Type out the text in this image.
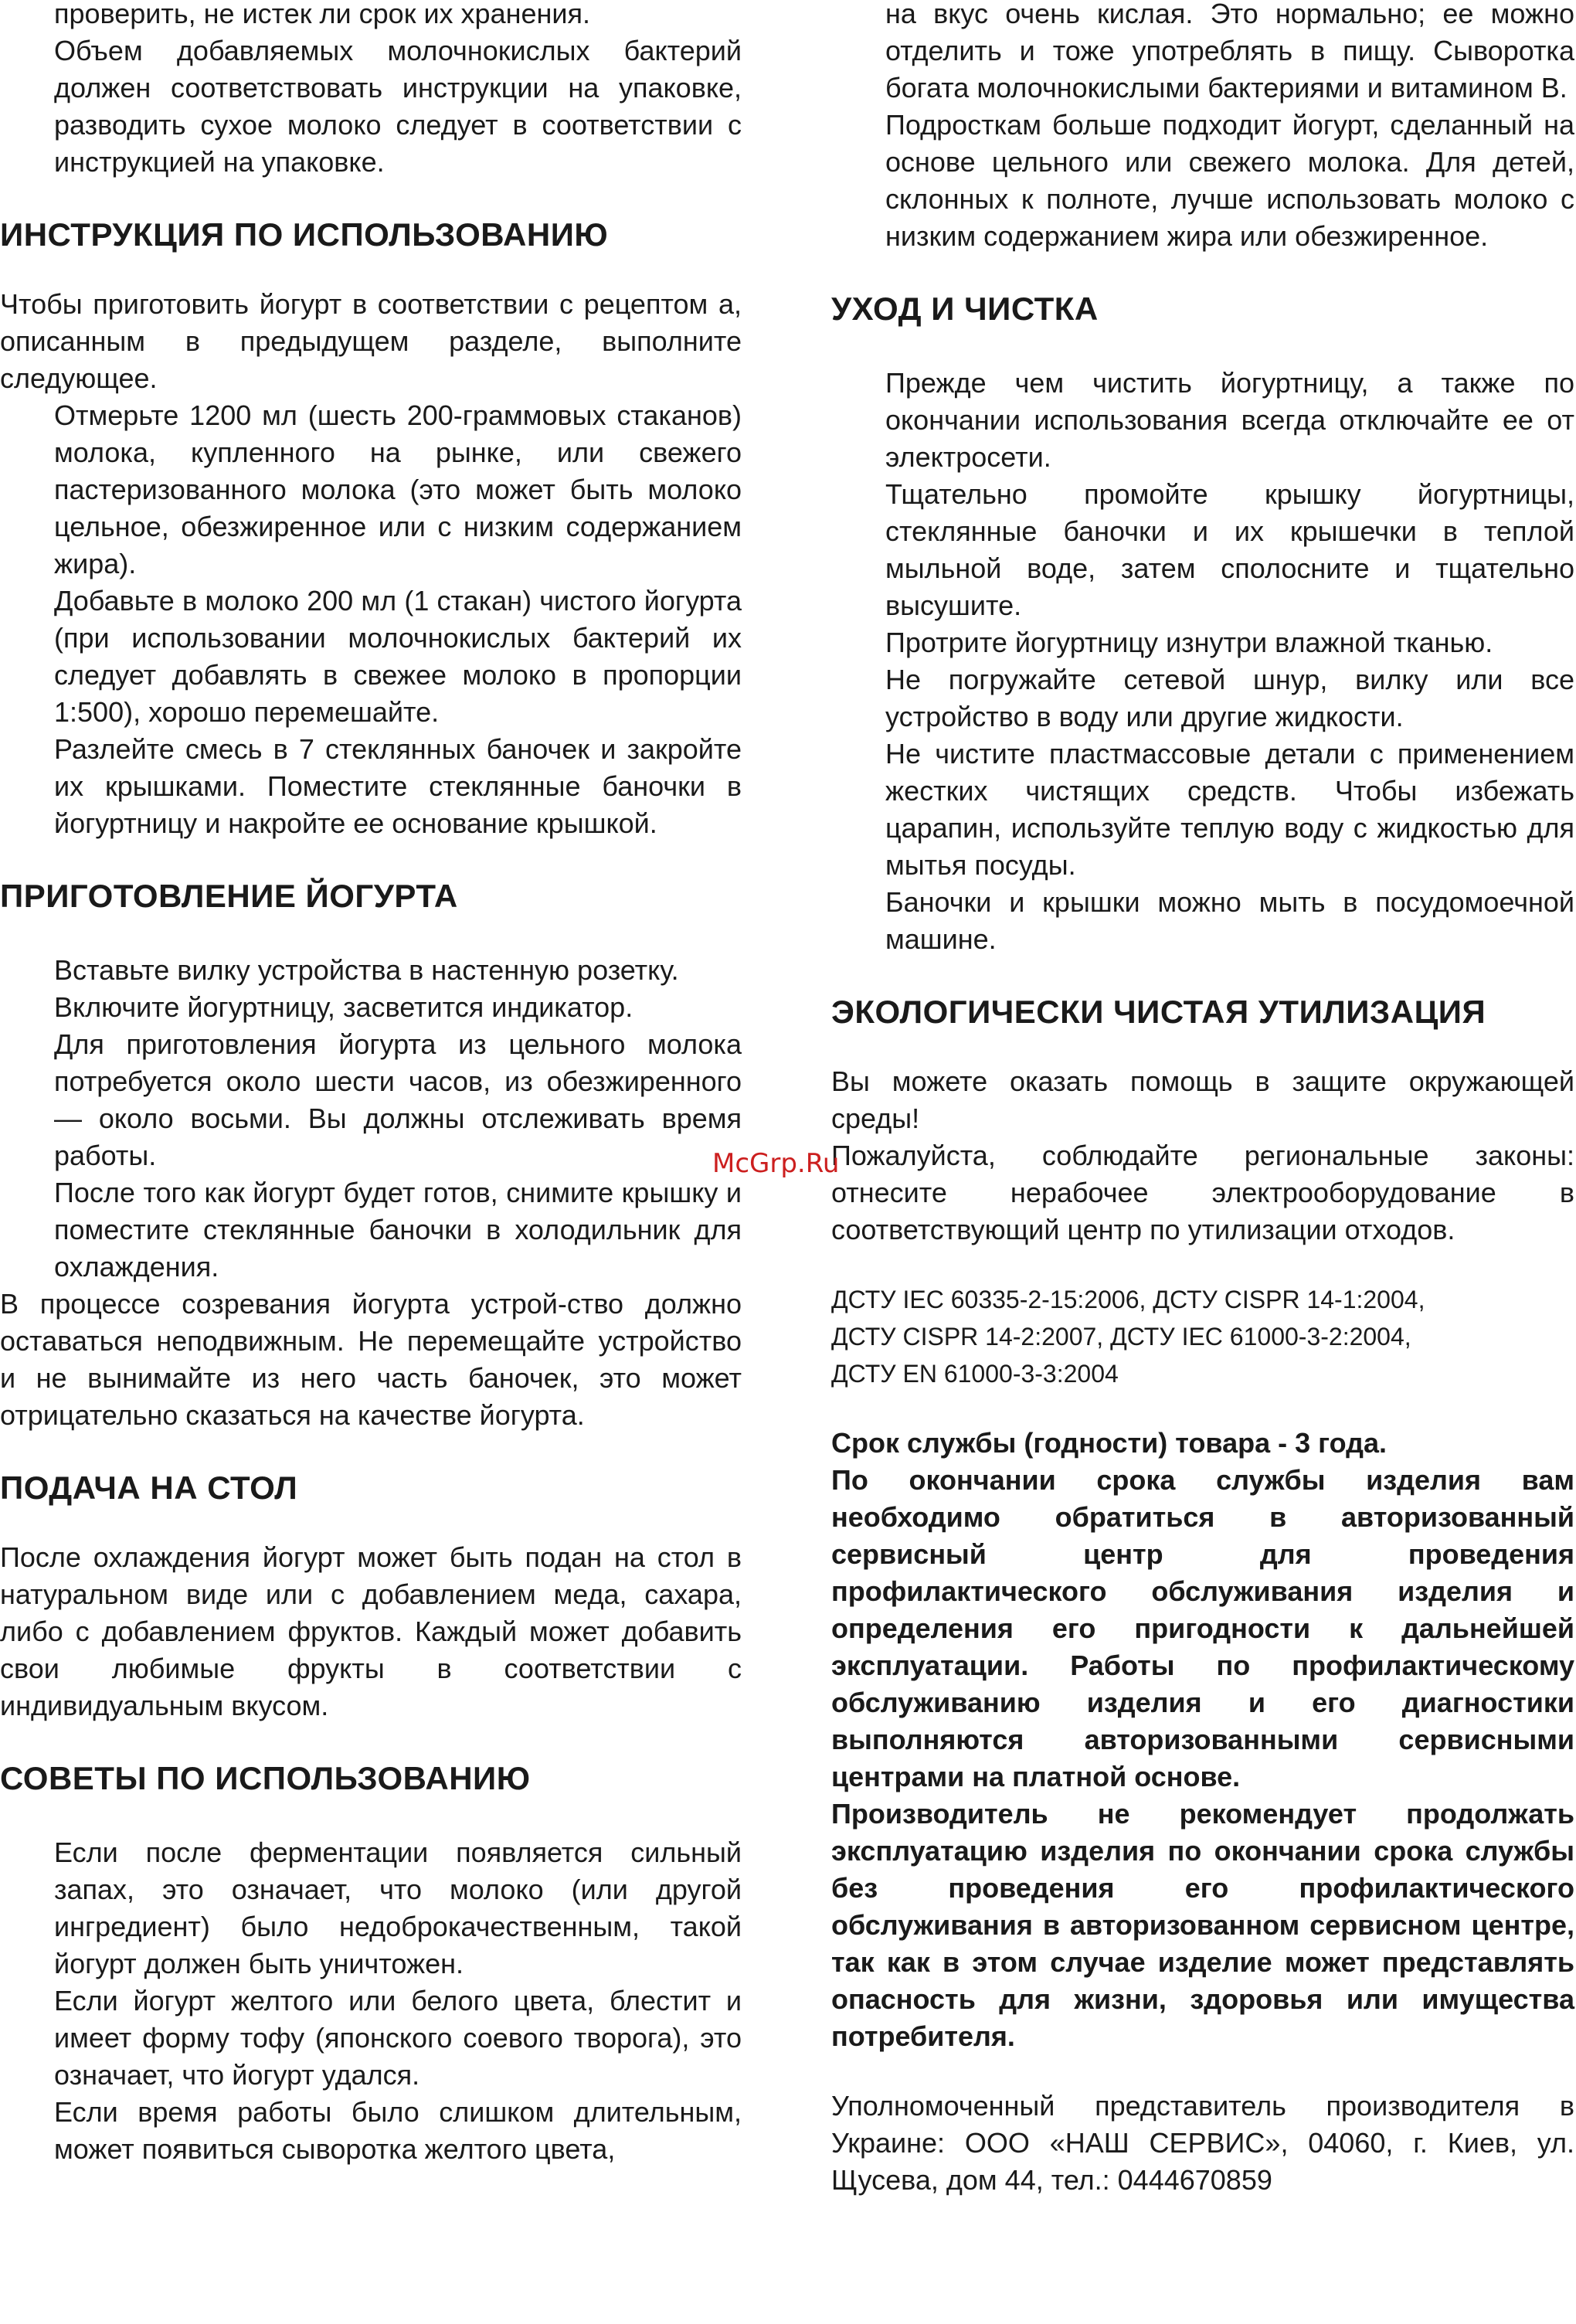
проверить, не истек ли срок их хранения.

Объем добавляемых молочнокислых бактерий должен соответствовать инструкции на упаковке, разводить сухое молоко следует в соответствии с инструкцией на упаковке.

ИНСТРУКЦИЯ ПО ИСПОЛЬЗОВАНИЮ

Чтобы приготовить йогурт в соответствии с рецептом а, описанным в предыдущем разделе, выполните следующее.

Отмерьте 1200 мл (шесть 200-граммовых стаканов) молока, купленного на рынке, или свежего пастеризованного молока (это может быть молоко цельное, обезжиренное или с низким содержанием жира).

Добавьте в молоко 200 мл (1 стакан) чистого йогурта (при использовании молочнокислых бактерий их следует добавлять в свежее молоко в пропорции 1:500), хорошо перемешайте.

Разлейте смесь в 7 стеклянных баночек и закройте их крышками. Поместите стеклянные баночки в йогуртницу и накройте ее основание крышкой.

ПРИГОТОВЛЕНИЕ ЙОГУРТА

Вставьте вилку устройства в настенную розетку.

Включите йогуртницу, засветится индикатор.

Для приготовления йогурта из цельного молока потребуется около шести часов, из обезжиренного — около восьми. Вы должны отслеживать время работы.

После того как йогурт будет готов, снимите крышку и поместите стеклянные баночки в холодильник для охлаждения.

В процессе созревания йогурта устрой-ство должно оставаться неподвижным. Не перемещайте устройство и не вынимайте из него часть баночек, это может отрицательно сказаться на качестве йогурта.

ПОДАЧА НА СТОЛ

После охлаждения йогурт может быть подан на стол в натуральном виде или с добавлением меда, сахара, либо с добавлением фруктов. Каждый может добавить свои любимые фрукты в соответствии с индивидуальным вкусом.

СОВЕТЫ ПО ИСПОЛЬЗОВАНИЮ

Если после ферментации появляется сильный запах, это означает, что молоко (или другой ингредиент) было недоброкачественным, такой йогурт должен быть уничтожен.

Если йогурт желтого или белого цвета, блестит и имеет форму тофу (японского соевого творога), это означает, что йогурт удался.

Если время работы было слишком длительным, может появиться сыворотка желтого цвета,

на вкус очень кислая. Это нормально; ее можно отделить и тоже употреблять в пищу. Сыворотка богата молочнокислыми бактериями и витамином В.

Подросткам больше подходит йогурт, сделанный на основе цельного или свежего молока. Для детей, склонных к полноте, лучше использовать молоко с низким содержанием жира или обезжиренное.

УХОД И ЧИСТКА

Прежде чем чистить йогуртницу, а также по окончании использования всегда отключайте ее от электросети.

Тщательно промойте крышку йогуртницы, стеклянные баночки и их крышечки в теплой мыльной воде, затем сполосните и тщательно высушите.

Протрите йогуртницу изнутри влажной тканью.

Не погружайте сетевой шнур, вилку или все устройство в воду или другие жидкости.

Не чистите пластмассовые детали с применением жестких чистящих средств. Чтобы избежать царапин, используйте теплую воду с жидкостью для мытья посуды.

Баночки и крышки можно мыть в посудомоечной машине.

ЭКОЛОГИЧЕСКИ ЧИСТАЯ УТИЛИЗАЦИЯ

Вы можете оказать помощь в защите окружающей среды!

Пожалуйста, соблюдайте региональные законы: отнесите нерабочее электрооборудование в соответствующий центр по утилизации отходов.

ДСТУ IEC 60335-2-15:2006, ДСТУ CISPR 14-1:2004,

ДСТУ CISPR 14-2:2007, ДСТУ IEC 61000-3-2:2004,

ДСТУ EN 61000-3-3:2004

Срок службы (годности) товара - 3 года.

По окончании срока службы изделия вам необходимо обратиться в авторизованный сервисный центр для проведения профилактического обслуживания изделия и определения его пригодности к дальнейшей эксплуатации. Работы по профилактическому обслуживанию изделия и его диагностики выполняются авторизованными сервисными центрами на платной основе.

Производитель не рекомендует продолжать эксплуатацию изделия по окончании срока службы без проведения его профилактического обслуживания в авторизованном сервисном центре, так как в этом случае изделие может представлять опасность для жизни, здоровья или имущества потребителя.

Уполномоченный представитель производителя в Украине: ООО «НАШ СЕРВИС», 04060, г. Киев, ул. Щусева, дом 44, тел.: 0444670859

McGrp.Ru
